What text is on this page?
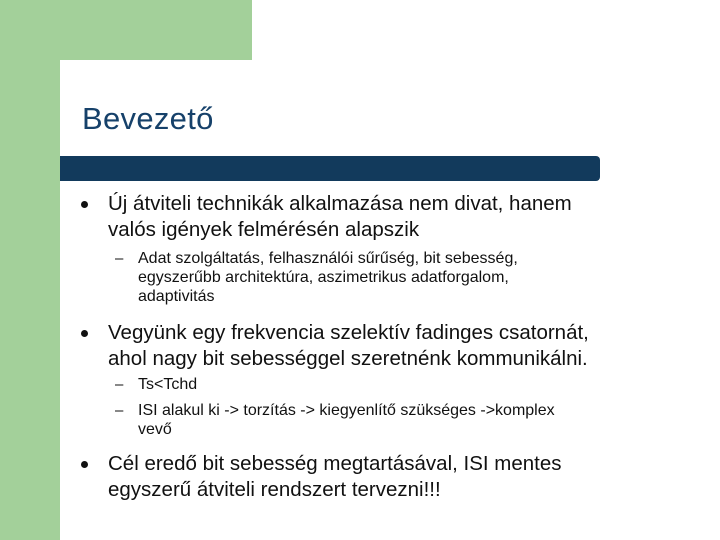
Bevezető

Új átviteli technikák alkalmazása nem divat, hanem
valós igények felmérésén alapszik

– Adat szolgáltatás, felhasználói sűrűség, bit sebesség,
egyszerűbb architektúra, aszimetrikus adatforgalom,
adaptivitás

Vegyünk egy frekvencia szelektív fadinges csatornát,
ahol nagy bit sebességgel szeretnénk kommunikálni.

– Ts<Tchd

– ISI alakul ki -> torzítás -> kiegyenlítő szükséges ->komplex
vevő

Cél eredő bit sebesség megtartásával, ISI mentes
egyszerű átviteli rendszert tervezni!!!
